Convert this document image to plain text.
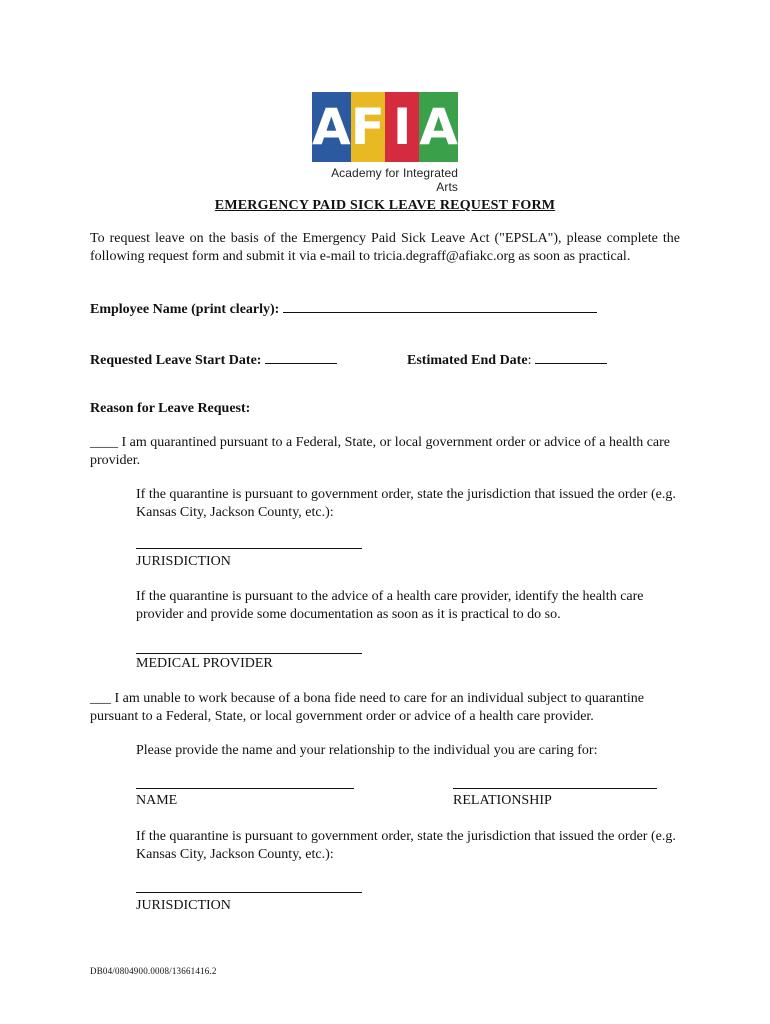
A F I A
Academy for Integrated Arts
EMERGENCY PAID SICK LEAVE REQUEST FORM
To request leave on the basis of the Emergency Paid Sick Leave Act ("EPSLA"), please complete the following request form and submit it via e-mail to tricia.degraff@afiakc.org as soon as practical.
Employee Name (print clearly):
Requested Leave Start Date:	Estimated End Date:
Reason for Leave Request:
____ I am quarantined pursuant to a Federal, State, or local government order or advice of a health care provider.
If the quarantine is pursuant to government order, state the jurisdiction that issued the order (e.g. Kansas City, Jackson County, etc.):
JURISDICTION
If the quarantine is pursuant to the advice of a health care provider, identify the health care provider and provide some documentation as soon as it is practical to do so.
MEDICAL PROVIDER
___ I am unable to work because of a bona fide need to care for an individual subject to quarantine pursuant to a Federal, State, or local government order or advice of a health care provider.
Please provide the name and your relationship to the individual you are caring for:
NAME	RELATIONSHIP
If the quarantine is pursuant to government order, state the jurisdiction that issued the order (e.g. Kansas City, Jackson County, etc.):
JURISDICTION
DB04/0804900.0008/13661416.2
